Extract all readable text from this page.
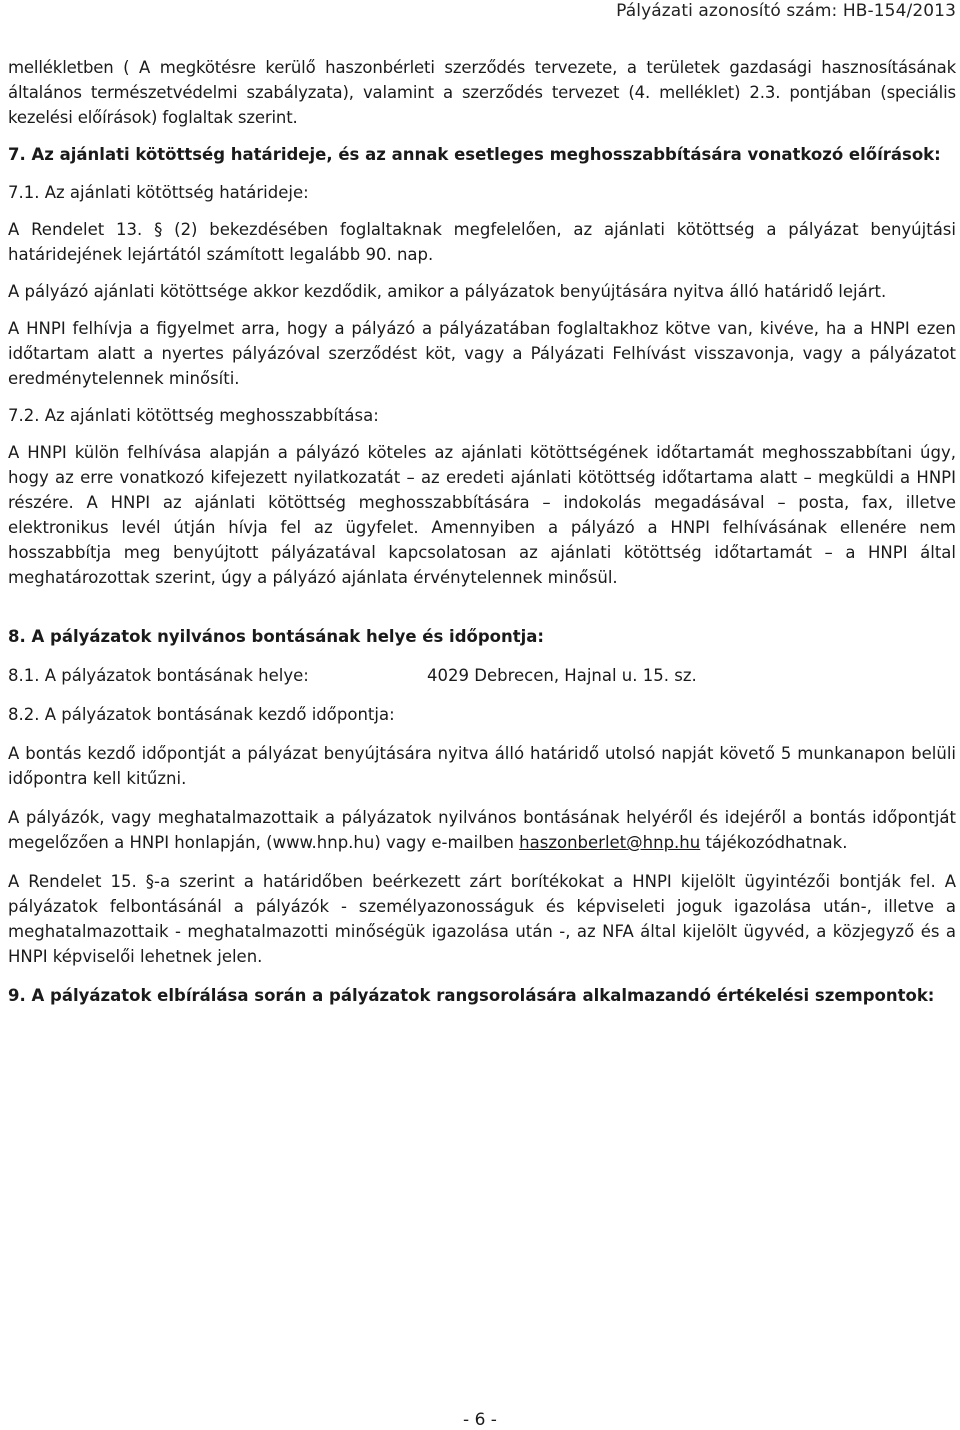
Pályázati azonosító szám: HB-154/2013

mellékletben ( A megkötésre kerülő haszonbérleti szerződés tervezete, a területek gazdasági hasznosításának általános természetvédelmi szabályzata), valamint a szerződés tervezet (4. melléklet) 2.3. pontjában (speciális kezelési előírások) foglaltak szerint.

7. Az ajánlati kötöttség határideje, és az annak esetleges meghosszabbítására vonatkozó előírások:

7.1. Az ajánlati kötöttség határideje:

A Rendelet 13. § (2) bekezdésében foglaltaknak megfelelően, az ajánlati kötöttség a pályázat benyújtási határidejének lejártától számított legalább 90. nap.

A pályázó ajánlati kötöttsége akkor kezdődik, amikor a pályázatok benyújtására nyitva álló határidő lejárt.

A HNPI felhívja a figyelmet arra, hogy a pályázó a pályázatában foglaltakhoz kötve van, kivéve, ha a HNPI ezen időtartam alatt a nyertes pályázóval szerződést köt, vagy a Pályázati Felhívást visszavonja, vagy a pályázatot eredménytelennek minősíti.

7.2. Az ajánlati kötöttség meghosszabbítása:

A HNPI külön felhívása alapján a pályázó köteles az ajánlati kötöttségének időtartamát meghosszabbítani úgy, hogy az erre vonatkozó kifejezett nyilatkozatát – az eredeti ajánlati kötöttség időtartama alatt – megküldi a HNPI részére. A HNPI az ajánlati kötöttség meghosszabbítására – indokolás megadásával – posta, fax, illetve elektronikus levél útján hívja fel az ügyfelet. Amennyiben a pályázó a HNPI felhívásának ellenére nem hosszabbítja meg benyújtott pályázatával kapcsolatosan az ajánlati kötöttség időtartamát – a HNPI által meghatározottak szerint, úgy a pályázó ajánlata érvénytelennek minősül.

8. A pályázatok nyilvános bontásának helye és időpontja:

8.1. A pályázatok bontásának helye:	4029 Debrecen, Hajnal u. 15. sz.

8.2. A pályázatok bontásának kezdő időpontja:

A bontás kezdő időpontját a pályázat benyújtására nyitva álló határidő utolsó napját követő 5 munkanapon belüli időpontra kell kitűzni.

A pályázók, vagy meghatalmazottaik a pályázatok nyilvános bontásának helyéről és idejéről a bontás időpontját megelőzően a HNPI honlapján, (www.hnp.hu) vagy e-mailben haszonberlet@hnp.hu tájékozódhatnak.

A Rendelet 15. §-a szerint a határidőben beérkezett zárt borítékokat a HNPI kijelölt ügyintézői bontják fel. A pályázatok felbontásánál a pályázók - személyazonosságuk és képviseleti joguk igazolása után-, illetve a meghatalmazottaik - meghatalmazotti minőségük igazolása után -, az NFA által kijelölt ügyvéd, a közjegyző és a HNPI képviselői lehetnek jelen.

9. A pályázatok elbírálása során a pályázatok rangsorolására alkalmazandó értékelési szempontok:

- 6 -
